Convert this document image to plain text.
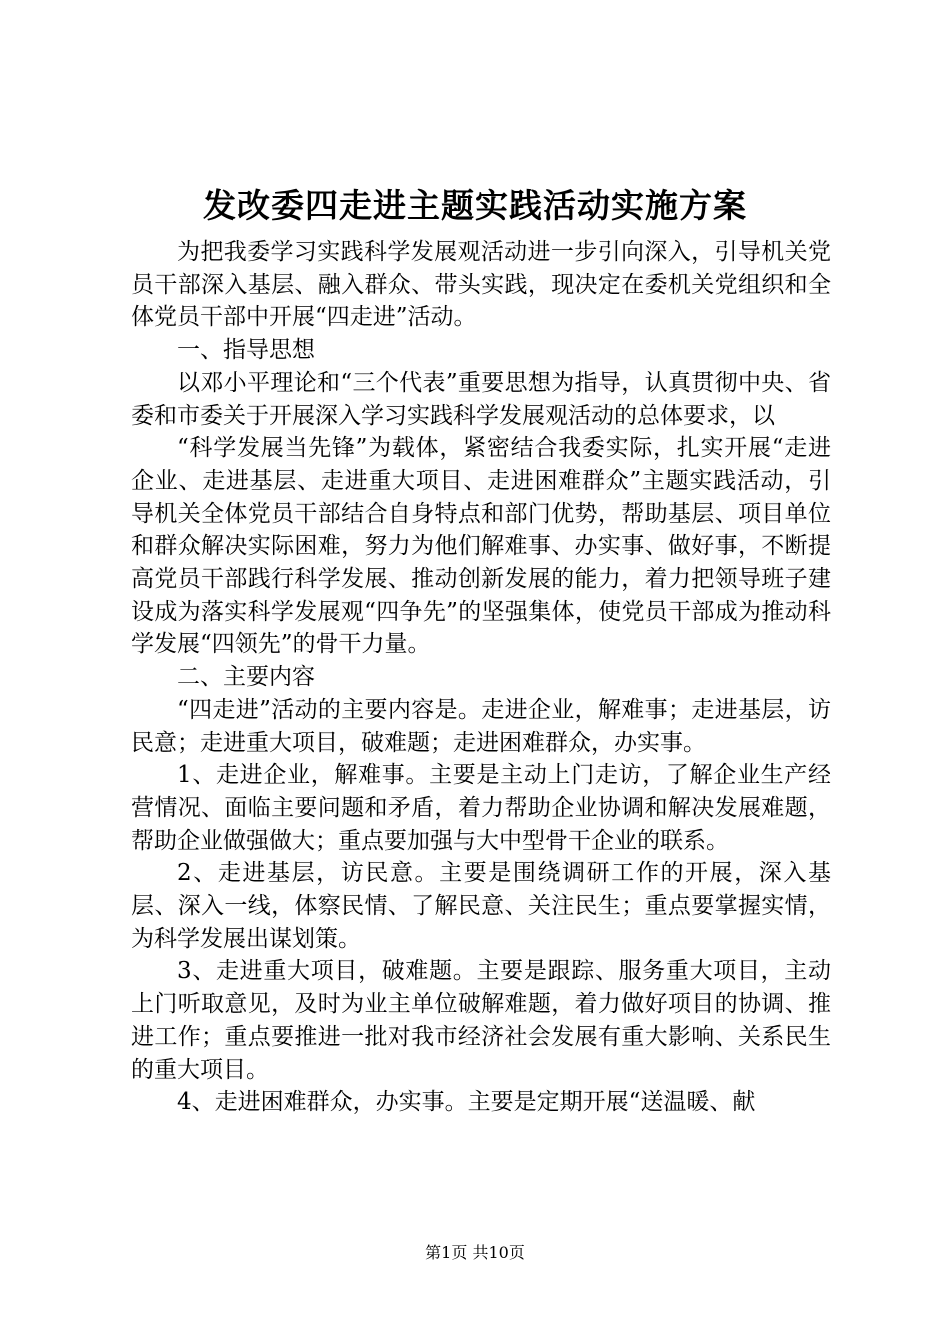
发改委四走进主题实践活动实施方案

为把我委学习实践科学发展观活动进一步引向深入，引导机关党员干部深入基层、融入群众、带头实践，现决定在委机关党组织和全体党员干部中开展“四走进”活动。

一、指导思想

以邓小平理论和“三个代表”重要思想为指导，认真贯彻中央、省委和市委关于开展深入学习实践科学发展观活动的总体要求，以

“科学发展当先锋”为载体，紧密结合我委实际，扎实开展“走进企业、走进基层、走进重大项目、走进困难群众”主题实践活动，引导机关全体党员干部结合自身特点和部门优势，帮助基层、项目单位和群众解决实际困难，努力为他们解难事、办实事、做好事，不断提高党员干部践行科学发展、推动创新发展的能力，着力把领导班子建设成为落实科学发展观“四争先”的坚强集体，使党员干部成为推动科学发展“四领先”的骨干力量。

二、主要内容

“四走进”活动的主要内容是。走进企业，解难事；走进基层，访民意；走进重大项目，破难题；走进困难群众，办实事。

1、走进企业，解难事。主要是主动上门走访，了解企业生产经营情况、面临主要问题和矛盾，着力帮助企业协调和解决发展难题，帮助企业做强做大；重点要加强与大中型骨干企业的联系。

2、走进基层，访民意。主要是围绕调研工作的开展，深入基层、深入一线，体察民情、了解民意、关注民生；重点要掌握实情，为科学发展出谋划策。

3、走进重大项目，破难题。主要是跟踪、服务重大项目，主动上门听取意见，及时为业主单位破解难题，着力做好项目的协调、推进工作；重点要推进一批对我市经济社会发展有重大影响、关系民生的重大项目。

4、走进困难群众，办实事。主要是定期开展“送温暖、献

第1页 共10页
